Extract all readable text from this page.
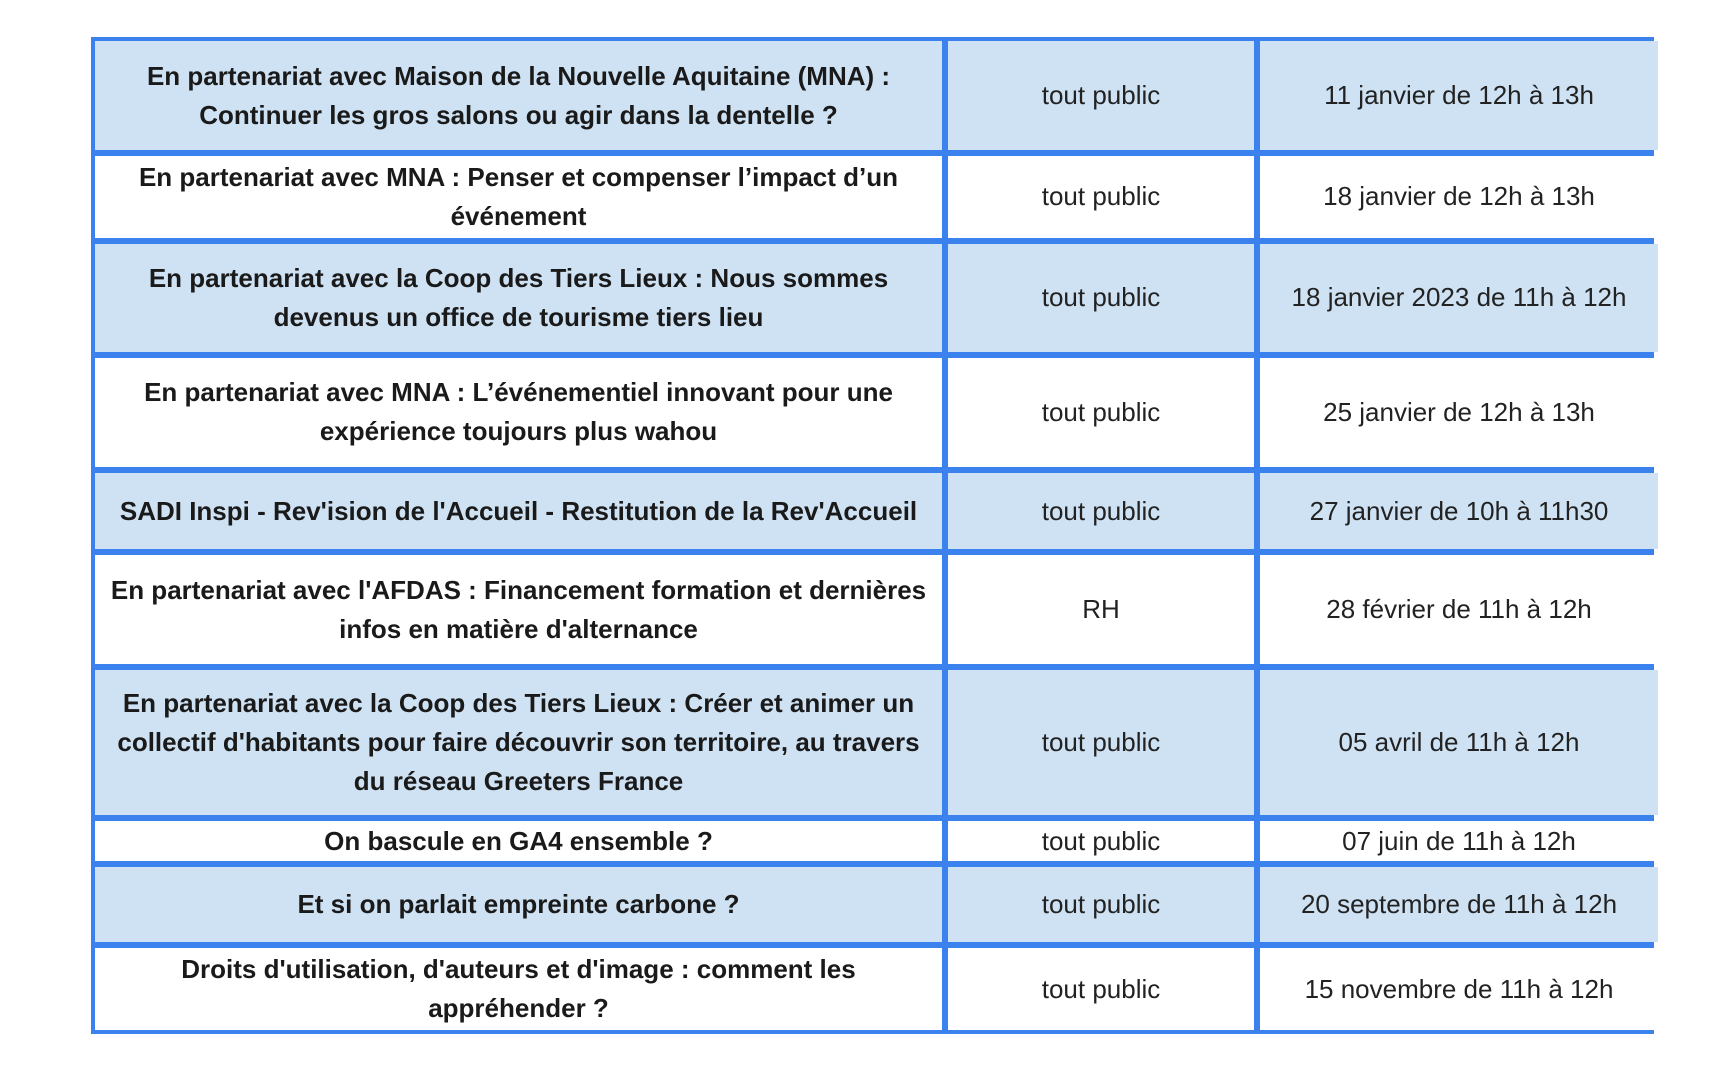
En partenariat avec Maison de la Nouvelle Aquitaine (MNA) : Continuer les gros salons ou agir dans la dentelle ?	tout public	11 janvier de 12h à 13h
En partenariat avec MNA : Penser et compenser l’impact d’un événement	tout public	18 janvier de 12h à 13h
En partenariat avec la Coop des Tiers Lieux : Nous sommes devenus un office de tourisme tiers lieu	tout public	18 janvier 2023 de 11h à 12h
En partenariat avec MNA : L’événementiel innovant pour une expérience toujours plus wahou	tout public	25 janvier de 12h à 13h
SADI Inspi - Rev'ision de l'Accueil - Restitution de la Rev'Accueil	tout public	27 janvier de 10h à 11h30
En partenariat avec l'AFDAS : Financement formation et dernières infos en matière d'alternance	RH	28 février de 11h à 12h
En partenariat avec la Coop des Tiers Lieux : Créer et animer un collectif d'habitants pour faire découvrir son territoire, au travers du réseau Greeters France	tout public	05 avril de 11h à 12h
On bascule en GA4 ensemble ?	tout public	07 juin de 11h à 12h
Et si on parlait empreinte carbone ?	tout public	20 septembre de 11h à 12h
Droits d'utilisation, d'auteurs et d'image : comment les appréhender ?	tout public	15 novembre de 11h à 12h
